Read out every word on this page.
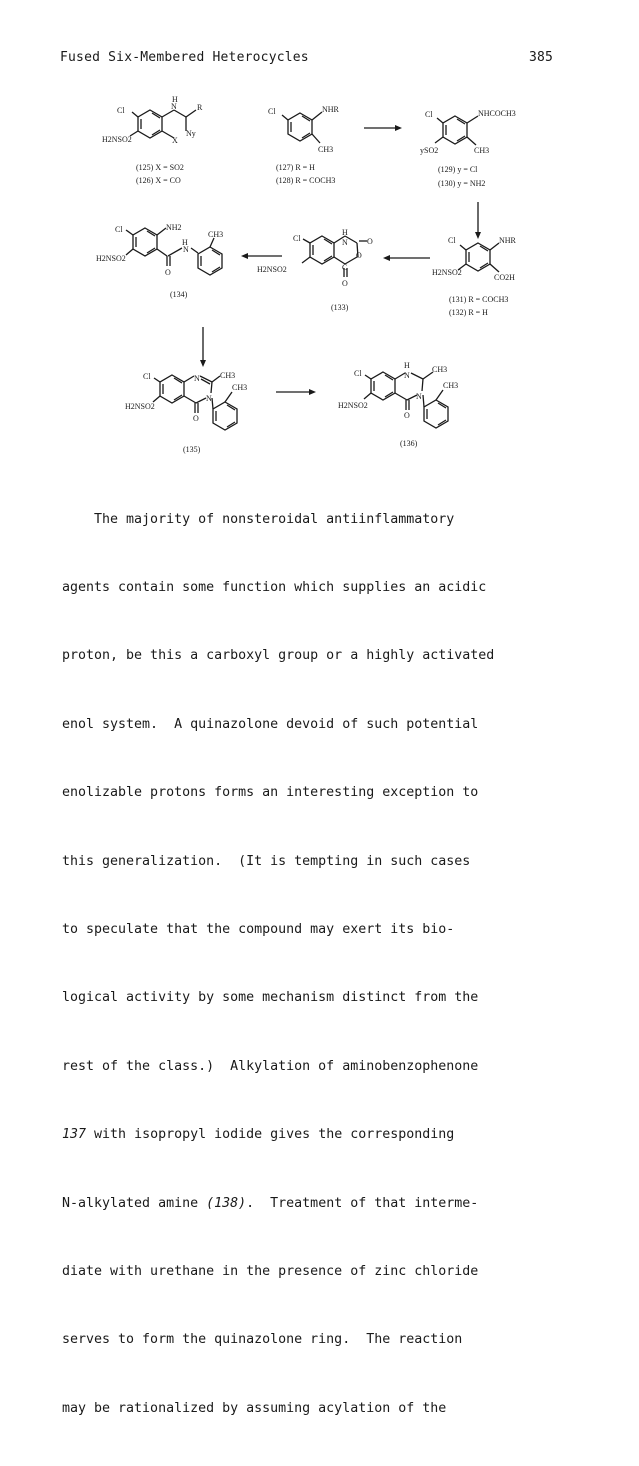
Fused Six-Membered Heterocycles	385
Cl
H2NSO2
N
H
R
X
Ny
(125) X = SO2
(126) X = CO
Cl	NHR
CH3
(127) R = H
(128) R = COCH3
Cl	NHCOCH3
ySO2	CH3
(129) y = Cl
(130) y = NH2
Cl	NHR
H2NSO2
CO2H
(131) R = COCH3
(132) R = H
Cl
H
N O
O
C
O
H2NSO2
(133)
Cl	NH2
CH3
H
N
O
H2NSO2
(134)
Cl	N	CH3
CH3
N
O
H2NSO2
(135)
Cl
H
N
CH3
CH3
N
O
H2NSO2
(136)

The majority of nonsteroidal antiinflammatory

agents contain some function which supplies an acidic

proton, be this a carboxyl group or a highly activated

enol system.  A quinazolone devoid of such potential

enolizable protons forms an interesting exception to

this generalization.  (It is tempting in such cases

to speculate that the compound may exert its bio-

logical activity by some mechanism distinct from the

rest of the class.)  Alkylation of aminobenzophenone

137 with isopropyl iodide gives the corresponding

N-alkylated amine (138).  Treatment of that interme-

diate with urethane in the presence of zinc chloride

serves to form the quinazolone ring.  The reaction

may be rationalized by assuming acylation of the
